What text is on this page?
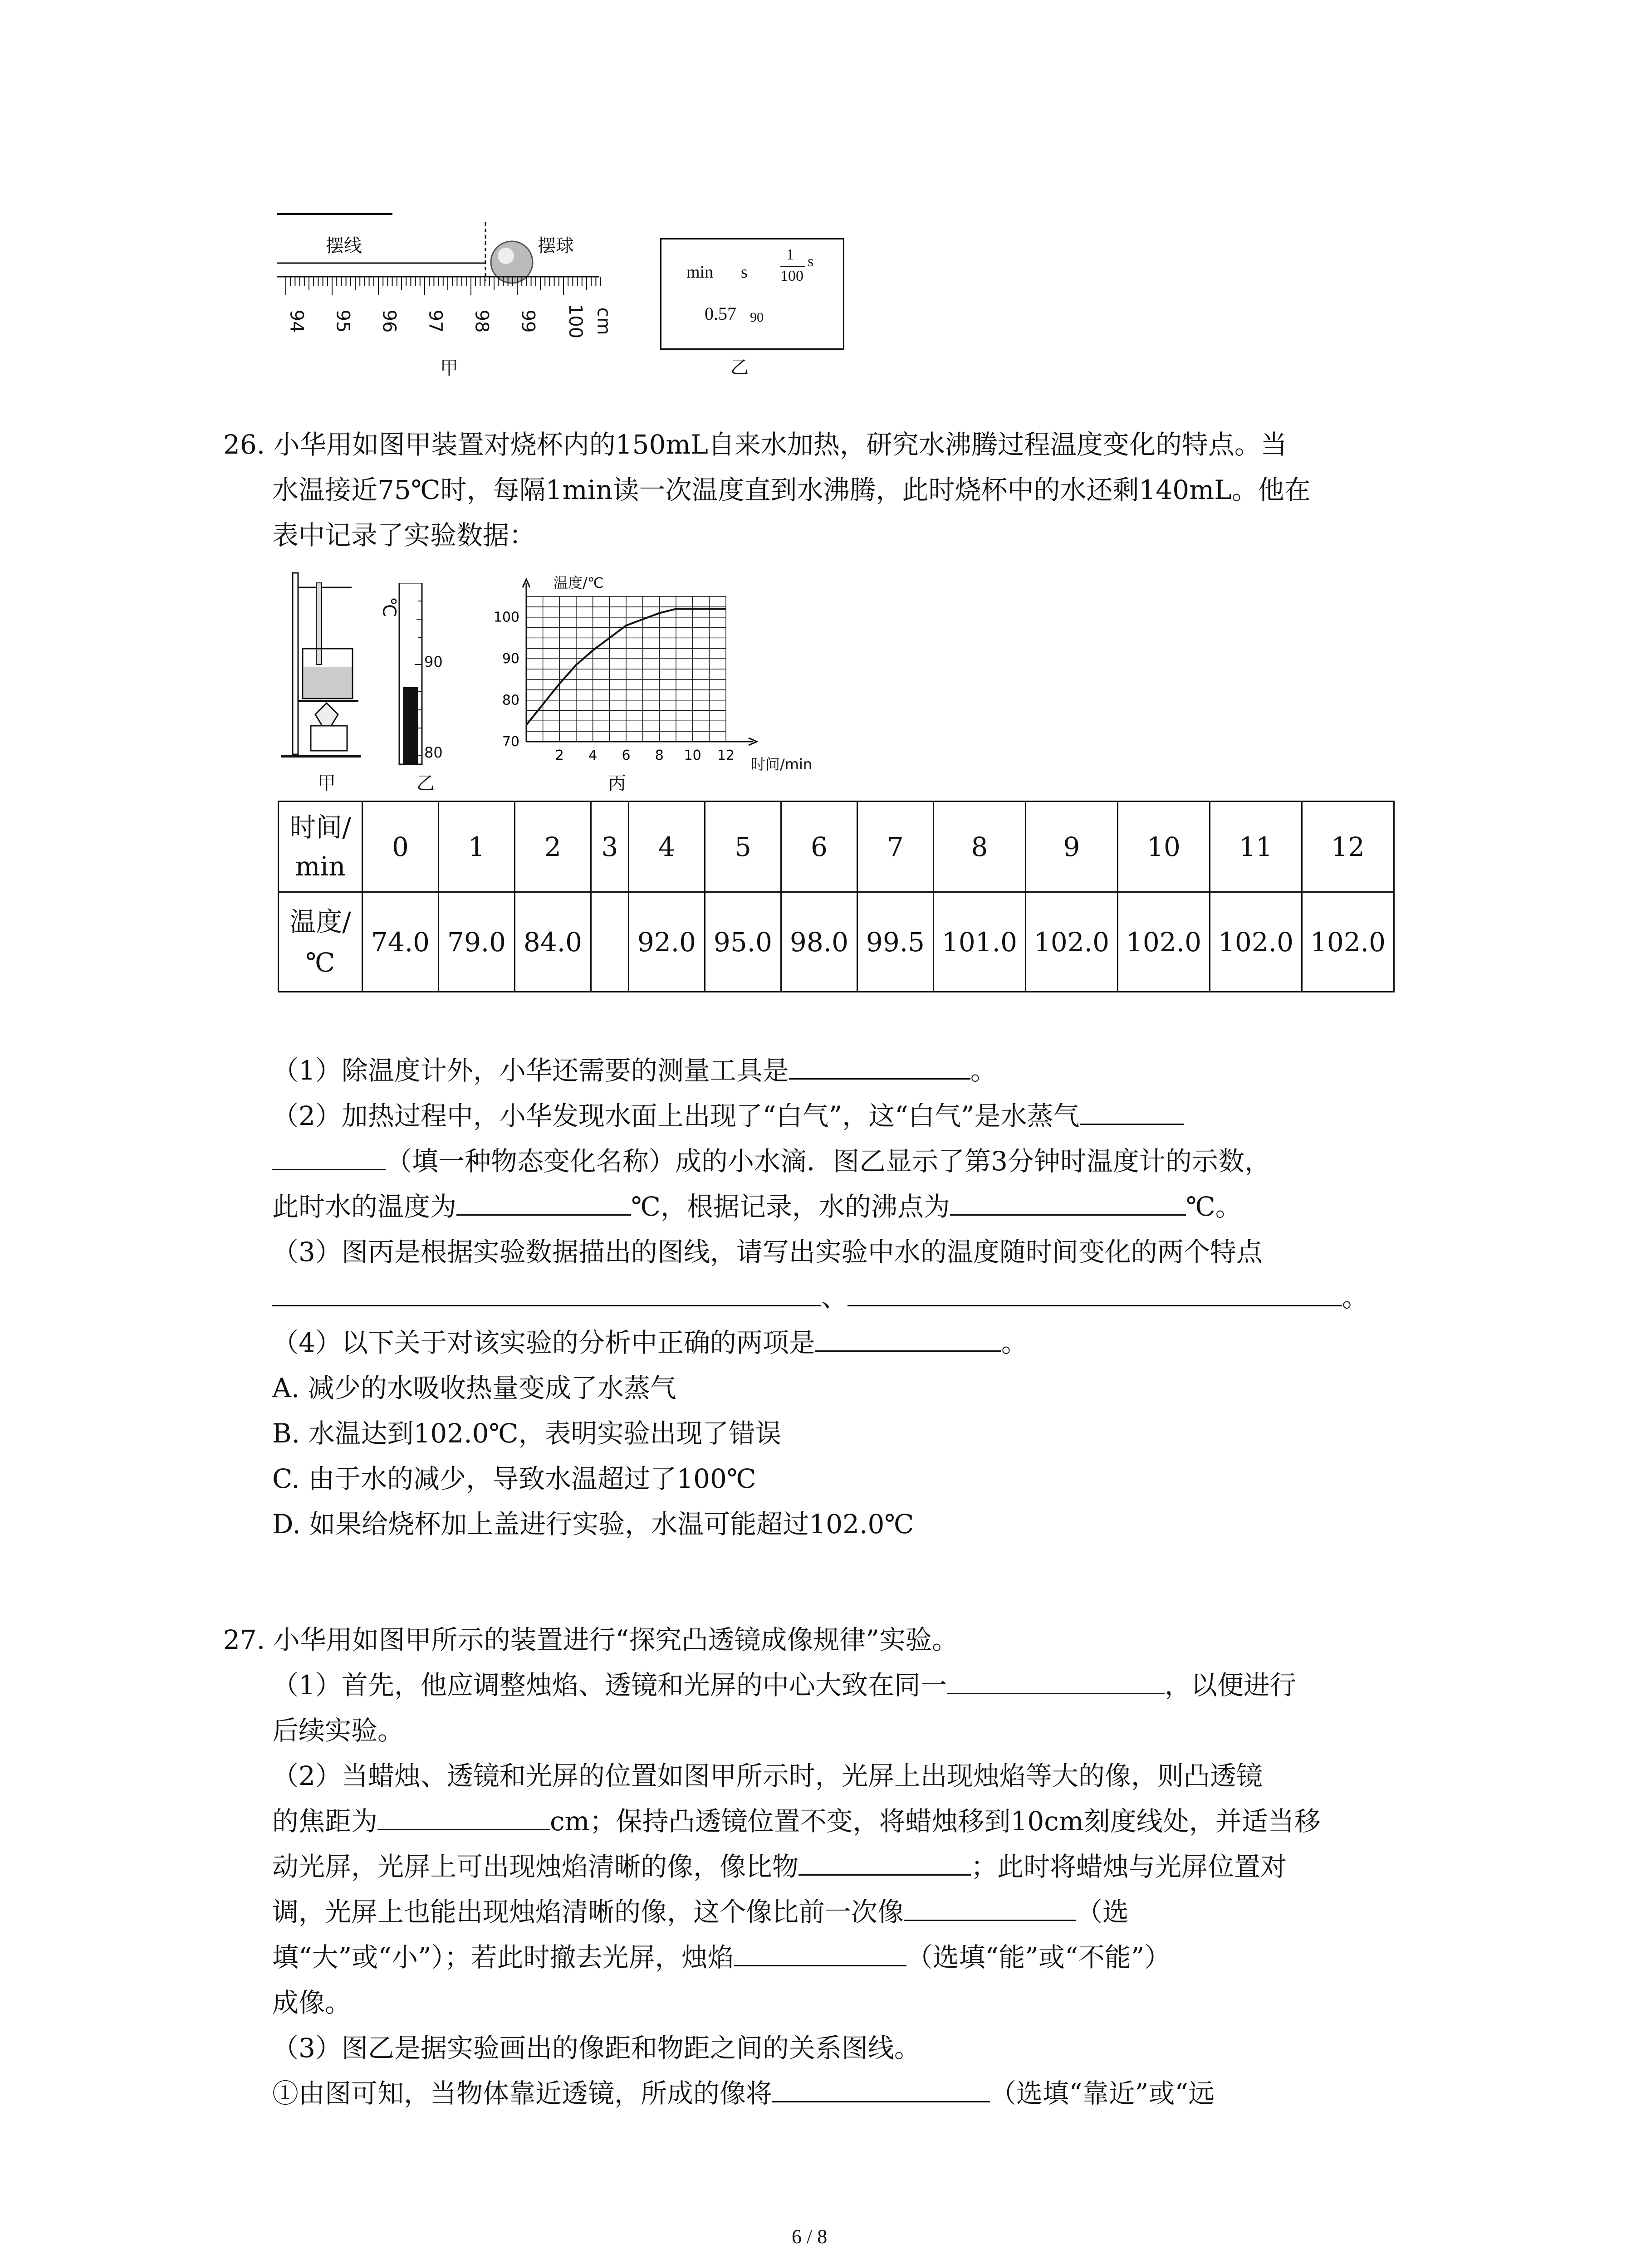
摆线	摆球
94 95 96 97 98 99 100 cm
甲
min s
1
100
s
0.57 90
乙
26. 小华用如图甲装置对烧杯内的150mL自来水加热，研究水沸腾过程温度变化的特点。当
水温接近75℃时，每隔1min读一次温度直到水沸腾，此时烧杯中的水还剩140mL。他在
表中记录了实验数据：
甲
℃
90
80
乙
70
80
90
100
2 4 6 8 10 12
温度/℃
时间/min
丙
时间/min	0	1	2	3	4	5	6	7	8	9	10	11	12
温度/℃	74.0	79.0	84.0		92.0	95.0	98.0	99.5	101.0	102.0	102.0	102.0	102.0
（1）除温度计外，小华还需要的测量工具是	。
（2）加热过程中，小华发现水面上出现了“白气”，这“白气”是水蒸气
（填一种物态变化名称）成的小水滴．图乙显示了第3分钟时温度计的示数，
此时水的温度为	℃，根据记录，水的沸点为	℃。
（3）图丙是根据实验数据描出的图线，请写出实验中水的温度随时间变化的两个特点
、	。
（4）以下关于对该实验的分析中正确的两项是	。
A. 减少的水吸收热量变成了水蒸气
B. 水温达到102.0℃，表明实验出现了错误
C. 由于水的减少，导致水温超过了100℃
D. 如果给烧杯加上盖进行实验，水温可能超过102.0℃
27. 小华用如图甲所示的装置进行“探究凸透镜成像规律”实验。
（1）首先，他应调整烛焰、透镜和光屏的中心大致在同一	，以便进行
后续实验。
（2）当蜡烛、透镜和光屏的位置如图甲所示时，光屏上出现烛焰等大的像，则凸透镜
的焦距为	cm；保持凸透镜位置不变，将蜡烛移到10cm刻度线处，并适当移
动光屏，光屏上可出现烛焰清晰的像，像比物	；此时将蜡烛与光屏位置对
调，光屏上也能出现烛焰清晰的像，这个像比前一次像	（选
填“大”或“小”）；若此时撤去光屏，烛焰	（选填“能”或“不能”）
成像。
（3）图乙是据实验画出的像距和物距之间的关系图线。
①由图可知，当物体靠近透镜，所成的像将	（选填“靠近”或“远
6 / 8
